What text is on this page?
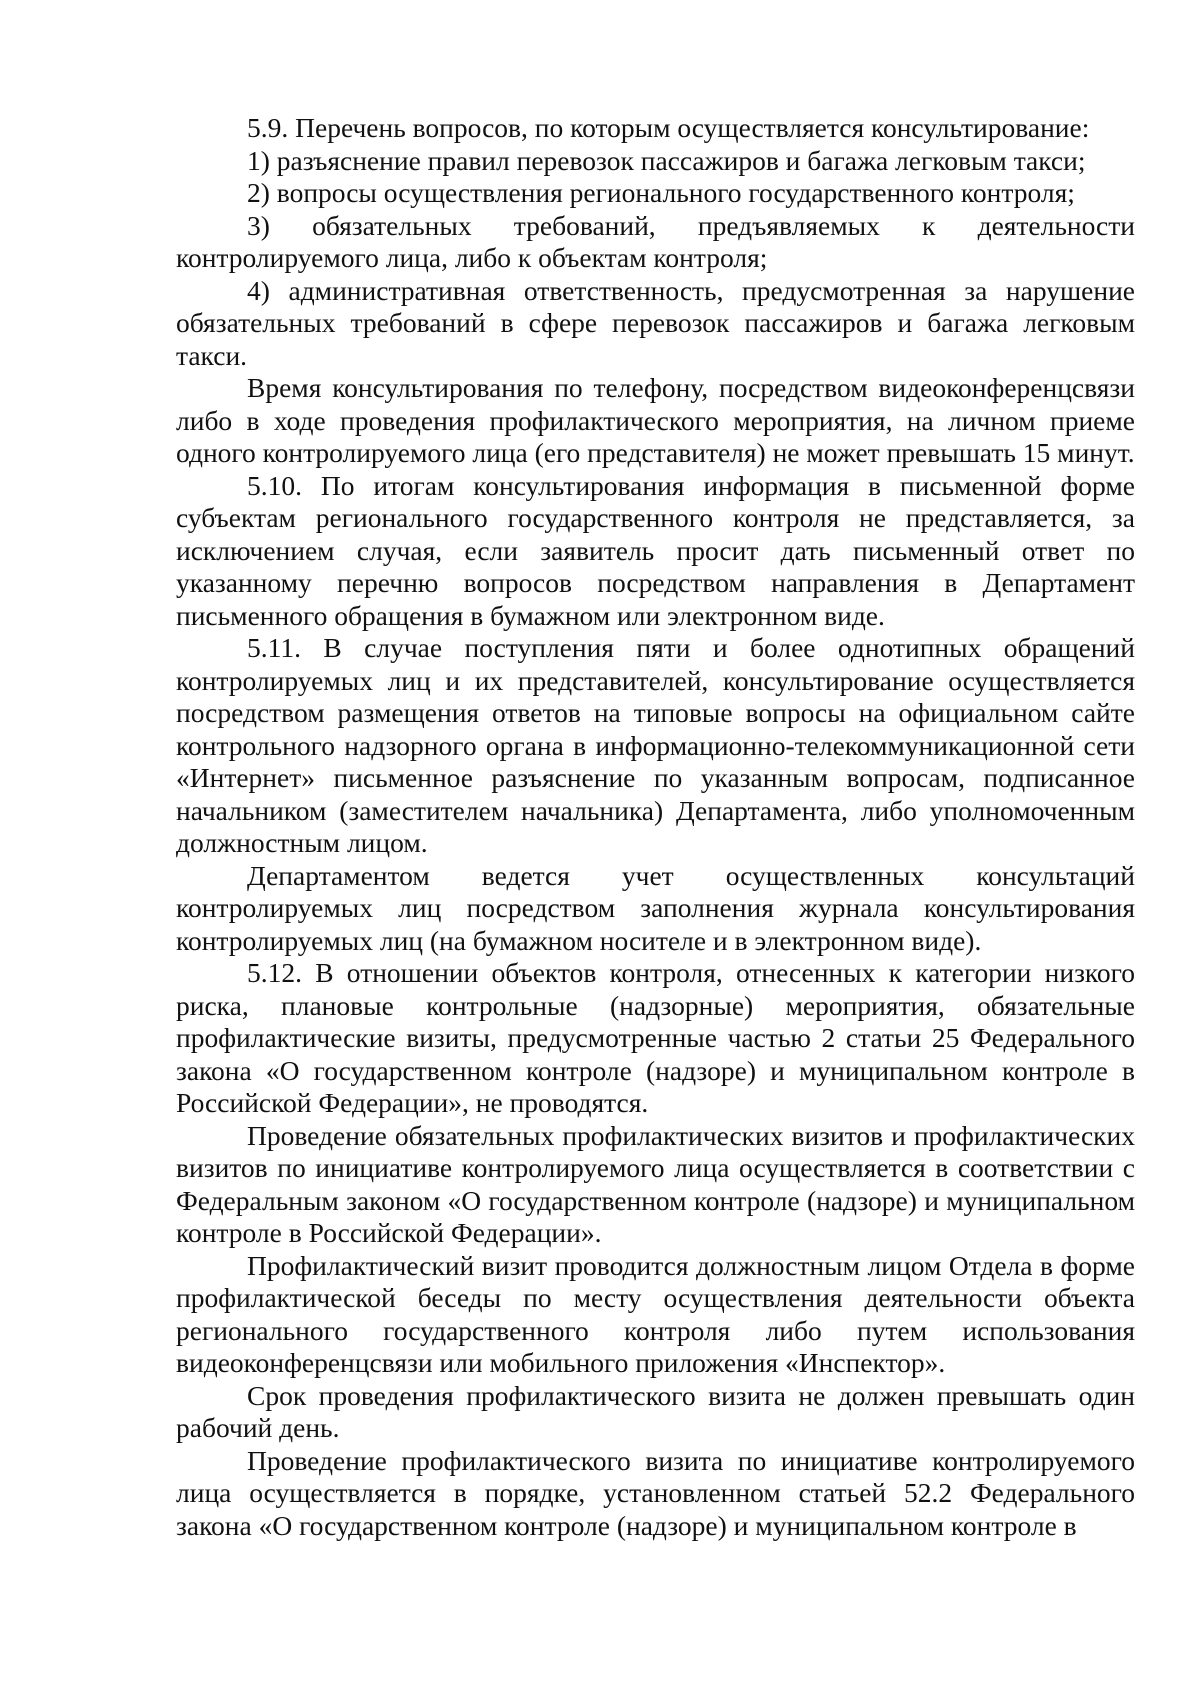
5.9. Перечень вопросов, по которым осуществляется консультирование:

1) разъяснение правил перевозок пассажиров и багажа легковым такси;

2) вопросы осуществления регионального государственного контроля;

3) обязательных требований, предъявляемых к деятельности контролируемого лица, либо к объектам контроля;

4) административная ответственность, предусмотренная за нарушение обязательных требований в сфере перевозок пассажиров и багажа легковым такси.

Время консультирования по телефону, посредством видеоконференцсвязи либо в ходе проведения профилактического мероприятия, на личном приеме одного контролируемого лица (его представителя) не может превышать 15 минут.

5.10. По итогам консультирования информация в письменной форме субъектам регионального государственного контроля не представляется, за исключением случая, если заявитель просит дать письменный ответ по указанному перечню вопросов посредством направления в Департамент письменного обращения в бумажном или электронном виде.

5.11. В случае поступления пяти и более однотипных обращений контролируемых лиц и их представителей, консультирование осуществляется посредством размещения ответов на типовые вопросы на официальном сайте контрольного надзорного органа в информационно-телекоммуникационной сети «Интернет» письменное разъяснение по указанным вопросам, подписанное начальником (заместителем начальника) Департамента, либо уполномоченным должностным лицом.

Департаментом ведется учет осуществленных консультаций контролируемых лиц посредством заполнения журнала консультирования контролируемых лиц (на бумажном носителе и в электронном виде).

5.12. В отношении объектов контроля, отнесенных к категории низкого риска, плановые контрольные (надзорные) мероприятия, обязательные профилактические визиты, предусмотренные частью 2 статьи 25 Федерального закона «О государственном контроле (надзоре) и муниципальном контроле в Российской Федерации», не проводятся.

Проведение обязательных профилактических визитов и профилактических визитов по инициативе контролируемого лица осуществляется в соответствии с Федеральным законом «О государственном контроле (надзоре) и муниципальном контроле в Российской Федерации».

Профилактический визит проводится должностным лицом Отдела в форме профилактической беседы по месту осуществления деятельности объекта регионального государственного контроля либо путем использования видеоконференцсвязи или мобильного приложения «Инспектор».

Срок проведения профилактического визита не должен превышать один рабочий день.

Проведение профилактического визита по инициативе контролируемого лица осуществляется в порядке, установленном статьей 52.2 Федерального закона «О государственном контроле (надзоре) и муниципальном контроле в
